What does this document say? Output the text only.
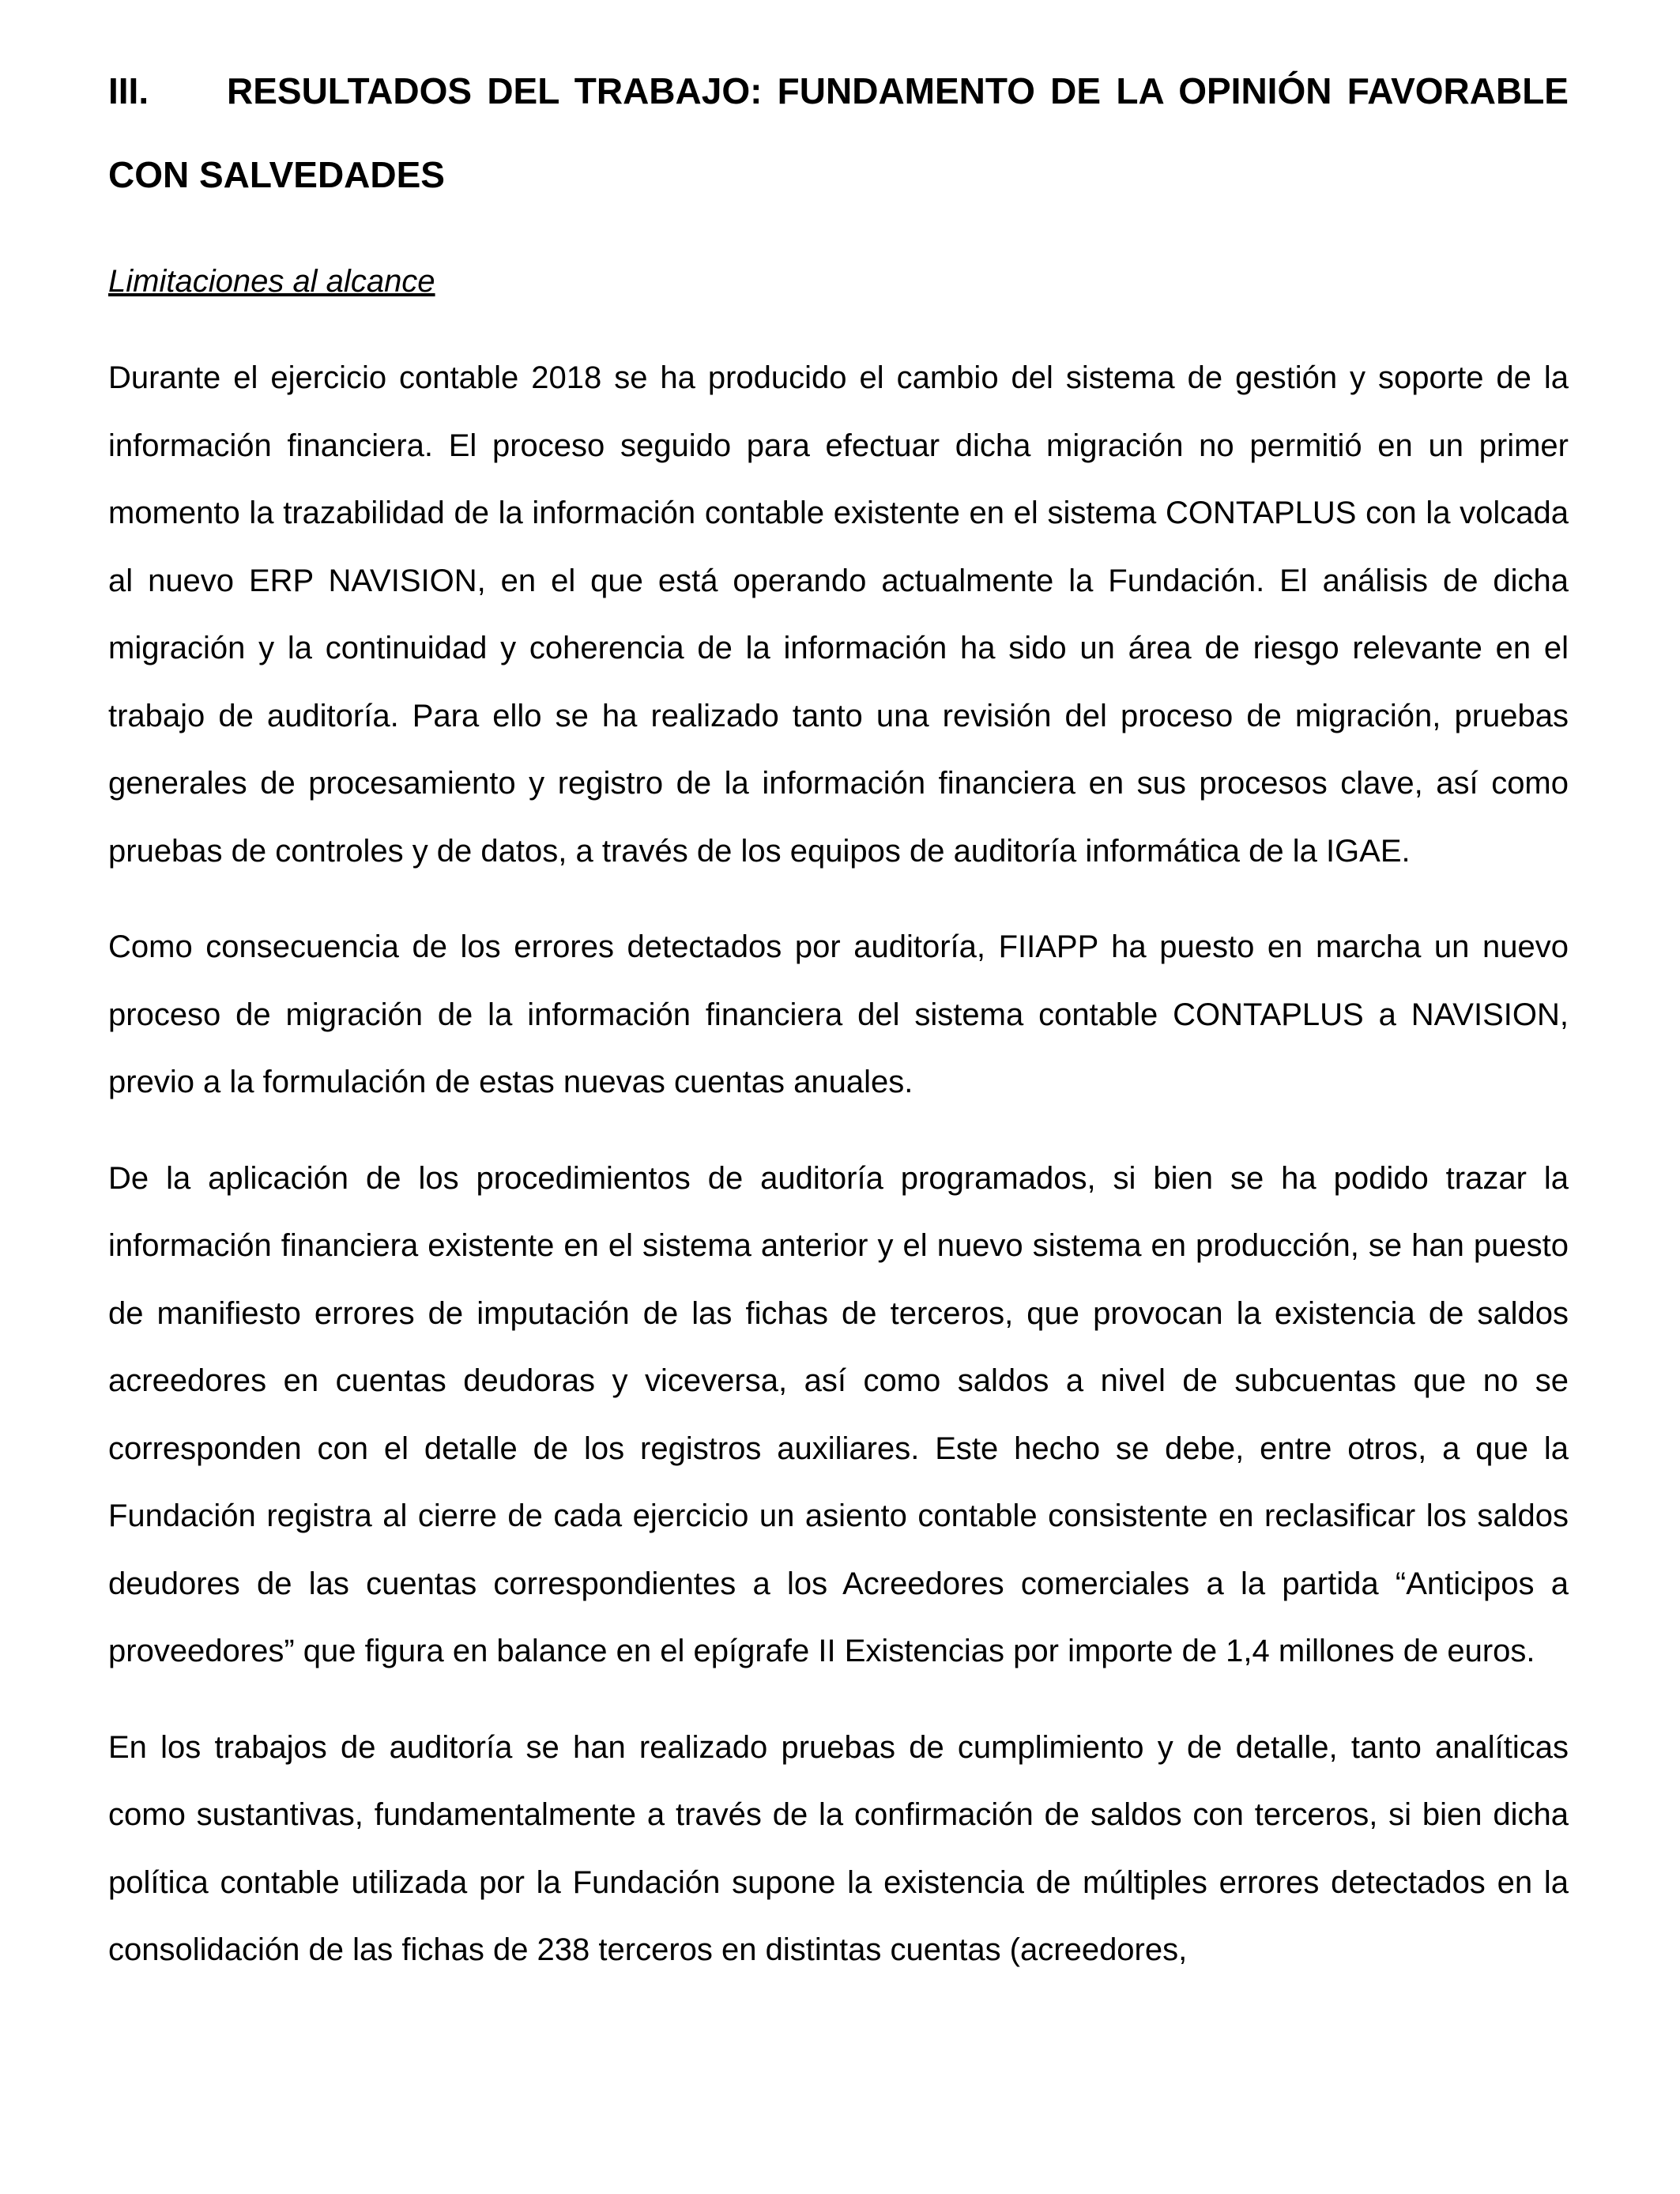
III. RESULTADOS DEL TRABAJO: FUNDAMENTO DE LA OPINIÓN FAVORABLE CON SALVEDADES

Limitaciones al alcance

Durante el ejercicio contable 2018 se ha producido el cambio del sistema de gestión y soporte de la información financiera. El proceso seguido para efectuar dicha migración no permitió en un primer momento la trazabilidad de la información contable existente en el sistema CONTAPLUS con la volcada al nuevo ERP NAVISION, en el que está operando actualmente la Fundación. El análisis de dicha migración y la continuidad y coherencia de la información ha sido un área de riesgo relevante en el trabajo de auditoría. Para ello se ha realizado tanto una revisión del proceso de migración, pruebas generales de procesamiento y registro de la información financiera en sus procesos clave, así como pruebas de controles y de datos, a través de los equipos de auditoría informática de la IGAE.

Como consecuencia de los errores detectados por auditoría, FIIAPP ha puesto en marcha un nuevo proceso de migración de la información financiera del sistema contable CONTAPLUS a NAVISION, previo a la formulación de estas nuevas cuentas anuales.

De la aplicación de los procedimientos de auditoría programados, si bien se ha podido trazar la información financiera existente en el sistema anterior y el nuevo sistema en producción, se han puesto de manifiesto errores de imputación de las fichas de terceros, que provocan la existencia de saldos acreedores en cuentas deudoras y viceversa, así como saldos a nivel de subcuentas que no se corresponden con el detalle de los registros auxiliares. Este hecho se debe, entre otros, a que la Fundación registra al cierre de cada ejercicio un asiento contable consistente en reclasificar los saldos deudores de las cuentas correspondientes a los Acreedores comerciales a la partida “Anticipos a proveedores” que figura en balance en el epígrafe II Existencias por importe de 1,4 millones de euros.

En los trabajos de auditoría se han realizado pruebas de cumplimiento y de detalle, tanto analíticas como sustantivas, fundamentalmente a través de la confirmación de saldos con terceros, si bien dicha política contable utilizada por la Fundación supone la existencia de múltiples errores detectados en la consolidación de las fichas de 238 terceros en distintas cuentas (acreedores,
